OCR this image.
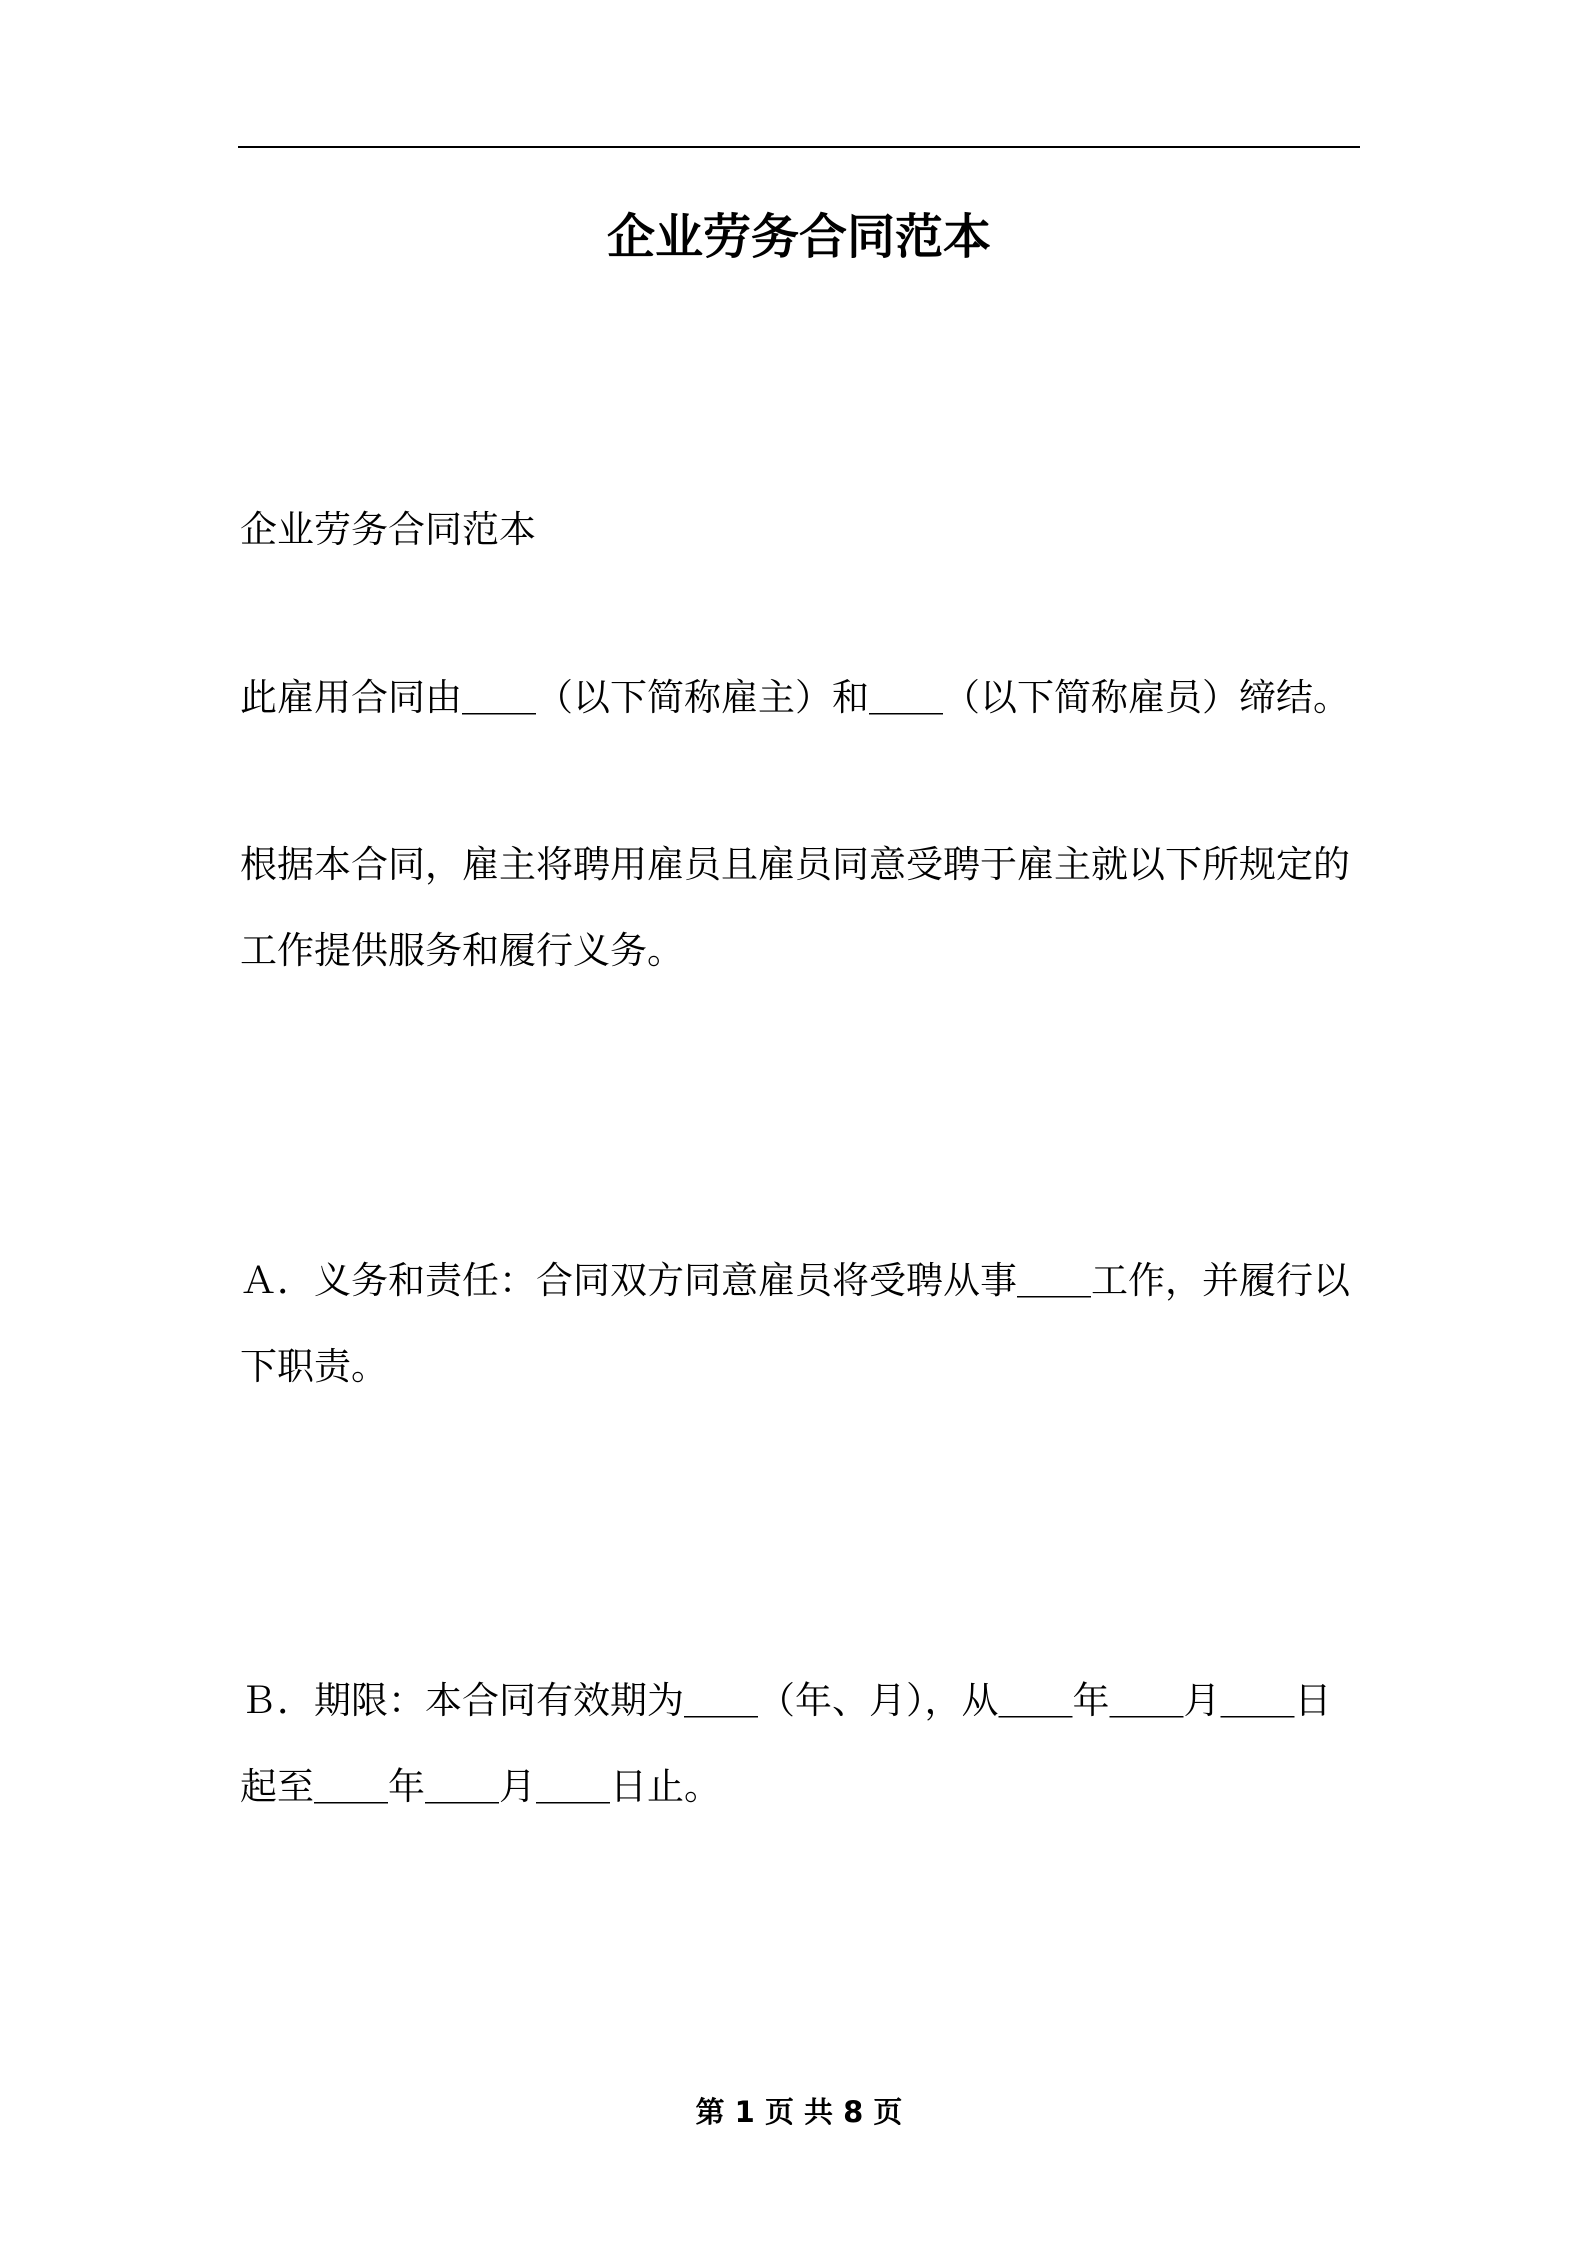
企业劳务合同范本

企业劳务合同范本

此雇用合同由＿＿（以下简称雇主）和＿＿（以下简称雇员）缔结。

根据本合同，雇主将聘用雇员且雇员同意受聘于雇主就以下所规定的工作提供服务和履行义务。

Ａ．义务和责任：合同双方同意雇员将受聘从事＿＿工作，并履行以下职责。

Ｂ．期限：本合同有效期为＿＿（年、月），从＿＿年＿＿月＿＿日起至＿＿年＿＿月＿＿日止。

第 1 页 共 8 页
